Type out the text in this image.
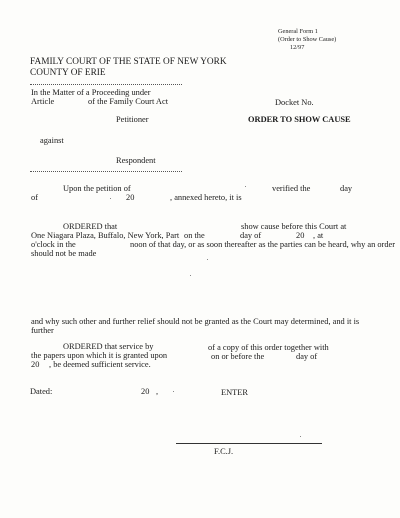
General Form 1
(Order to Show Cause)
12/97
FAMILY COURT OF THE STATE OF NEW YORK
COUNTY OF ERIE
In the Matter of a Proceeding under
Article	of the Family Court Act	Docket No.
Petitioner	ORDER TO SHOW CAUSE
against
Respondent
Upon the petition of	verified the	day
of	20	, annexed hereto, it is
ORDERED that	show cause before this Court at
One Niagara Plaza, Buffalo, New York, Part on the	day of	20 , at
o'clock in the	noon of that day, or as soon thereafter as the parties can be heard, why an order
should not be made
and why such other and further relief should not be granted as the Court may determined, and it is
further
ORDERED that service by	of a copy of this order together with
the papers upon which it is granted upon	on or before the	day of
20 , be deemed sufficient service.
Dated:	20 ,	ENTER
F.C.J.
